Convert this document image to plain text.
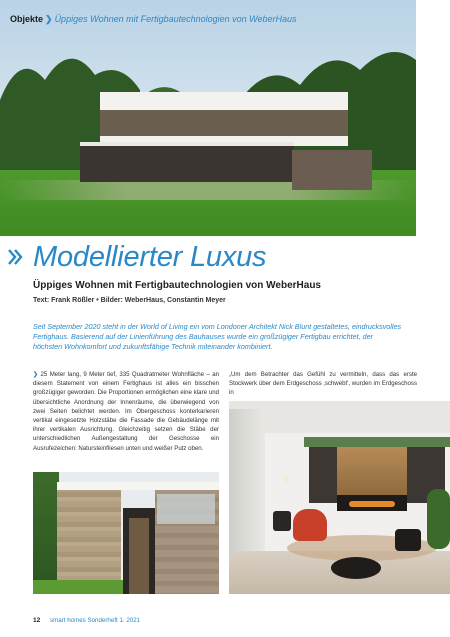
Objekte ❯ Üppiges Wohnen mit Fertigbautechnologien von WeberHaus
Modellierter Luxus
Üppiges Wohnen mit Fertigbautechnologien von WeberHaus
Text: Frank Rößler • Bilder: WeberHaus, Constantin Meyer
Seit September 2020 steht in der World of Living ein vom Londoner Architekt Nick Blunt gestaltetes, eindrucksvolles Fertighaus. Basierend auf der Linienführung des Bauhauses wurde ein großzügiger Fertigbau errichtet, der höchsten Wohnkomfort und zukunftsfähige Technik miteinander kombiniert.
❯ 25 Meter lang, 9 Meter tief, 335 Quadratmeter Wohnfläche – an diesem Statement von einem Fertighaus ist alles ein bisschen großzügiger geworden. Die Proportionen ermöglichen eine klare und übersichtliche Anordnung der Innenräume, die überwiegend von zwei Seiten belichtet werden. Im Obergeschoss konterkarieren vertikal eingesetzte Holzstäbe die Fassade die Gebäudelänge mit ihrer vertikalen Ausrichtung. Gleichzeitig setzen die Stäbe der unterschiedlichen Außengestaltung der Geschosse ein Ausrufezeichen: Natursteinfliesen unten und weißer Putz oben.
„Um dem Betrachter das Gefühl zu vermitteln, dass das erste Stockwerk über dem Erdgeschoss ‚schwebt', wurden im Erdgeschoss in
12 smart homes Sonderheft 1. 2021
